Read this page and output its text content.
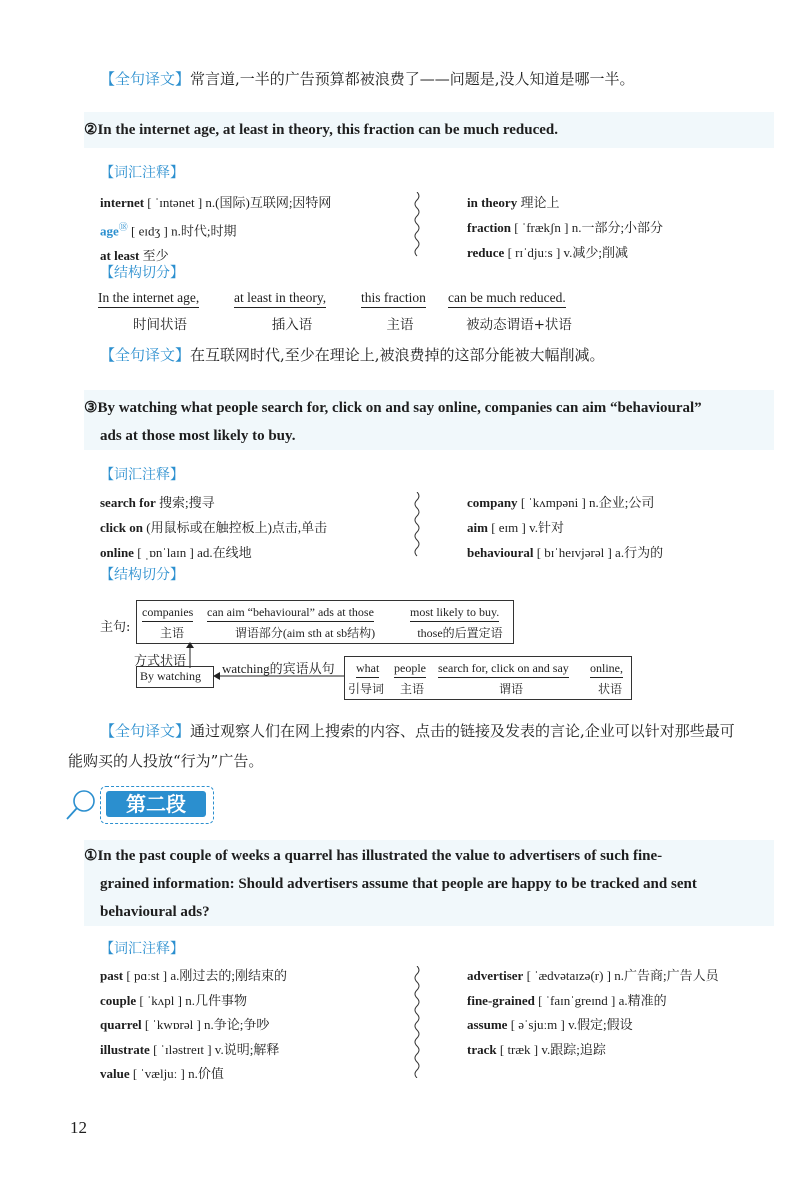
【全句译文】常言道,一半的广告预算都被浪费了——问题是,没人知道是哪一半。
②In the internet age, at least in theory, this fraction can be much reduced.
【词汇注释】
internet [ ˈɪntənet ] n.(国际)互联网;因特网
age⑱ [ eɪdʒ ] n.时代;时期
at least 至少
in theory 理论上
fraction [ ˈfrækʃn ] n.一部分;小部分
reduce [ rɪˈdjuːs ] v.减少;削减
【结构切分】
In the internet age,	at least in theory,	this fraction can be much reduced.
时间状语	插入语	主语	被动态谓语+状语
【全句译文】在互联网时代,至少在理论上,被浪费掉的这部分能被大幅削减。
③By watching what people search for, click on and say online, companies can aim “behavioural”
ads at those most likely to buy.
【词汇注释】
search for 搜索;搜寻
click on (用鼠标或在触控板上)点击,单击
online [ ˌɒnˈlaɪn ] ad.在线地
company [ ˈkʌmpəni ] n.企业;公司
aim [ eɪm ] v.针对
behavioural [ bɪˈheɪvjərəl ] a.行为的
【结构切分】
主句:
companies can aim “behavioural” ads at those	most likely to buy.
主语	谓语部分(aim sth at sb结构)	those的后置定语
方式状语
By watching watching的宾语从句 what people search for, click on and say online,
引导词	主语	谓语	状语
【全句译文】通过观察人们在网上搜索的内容、点击的链接及发表的言论,企业可以针对那些最可
能购买的人投放“行为”广告。
第二段
①In the past couple of weeks a quarrel has illustrated the value to advertisers of such fine-
grained information: Should advertisers assume that people are happy to be tracked and sent
behavioural ads?
【词汇注释】
past [ pɑːst ] a.刚过去的;刚结束的
couple [ ˈkʌpl ] n.几件事物
quarrel [ ˈkwɒrəl ] n.争论;争吵
illustrate [ ˈɪləstreɪt ] v.说明;解释
value [ ˈvæljuː ] n.价值
advertiser [ ˈædvətaɪzə(r) ] n.广告商;广告人员
fine-grained [ ˈfaɪnˈgreɪnd ] a.精准的
assume [ əˈsjuːm ] v.假定;假设
track [ træk ] v.跟踪;追踪
12
